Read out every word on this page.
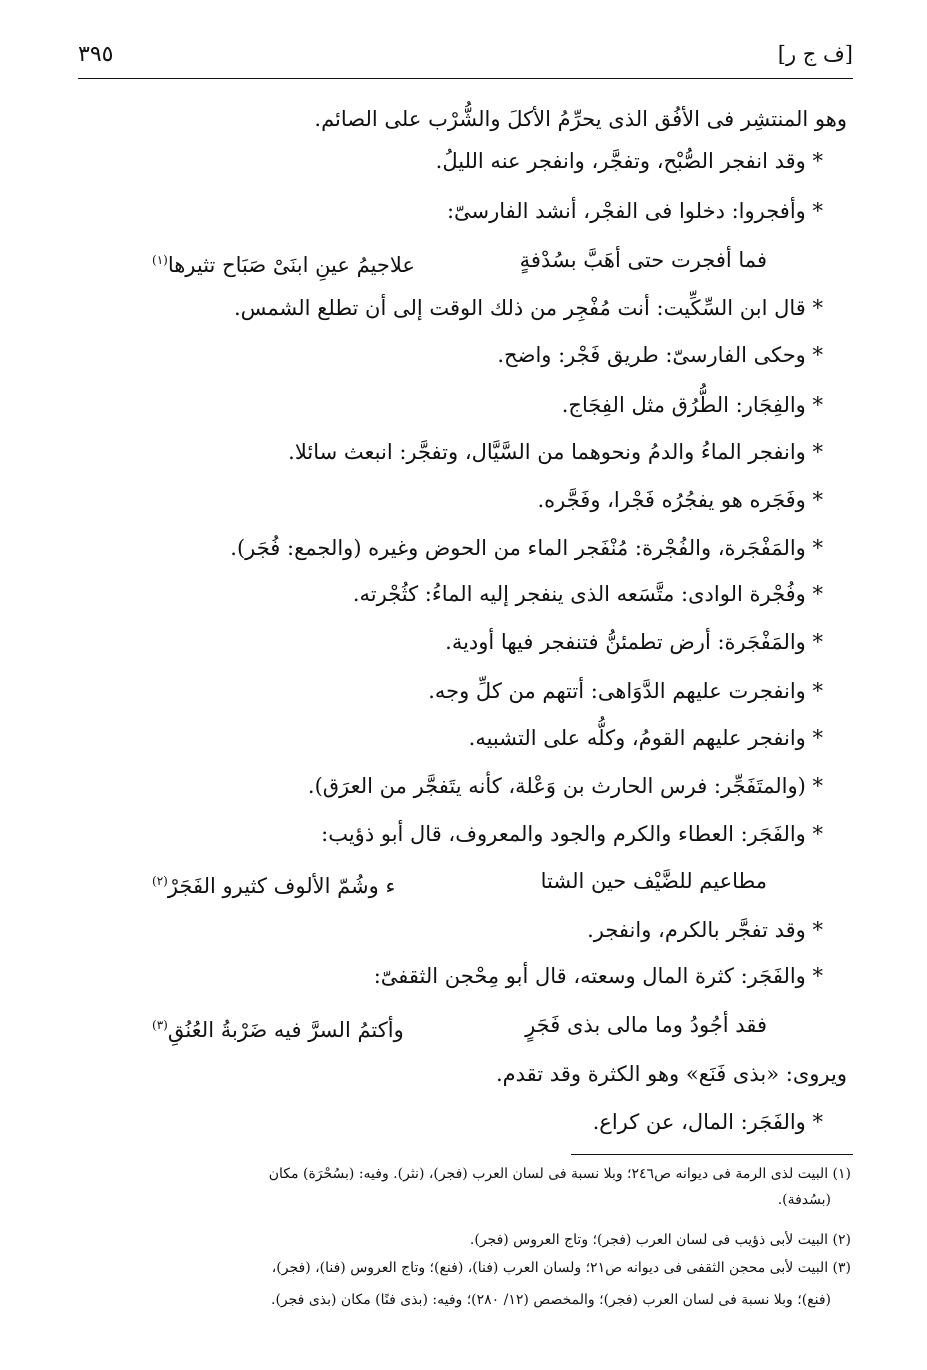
[ف ج ر]
٣٩٥
وهو المنتشِر فى الأفُق الذى يحرِّمُ الأكلَ والشُّرْب على الصائم.
* وقد انفجر الصُّبْح، وتفجَّر، وانفجر عنه الليلُ.
* وأفجروا: دخلوا فى الفجْر، أنشد الفارسىّ:
فما أفجرت حتى أهَبَّ بسُدْفةٍ
علاجيمُ عينِ ابنَىْ صَبَاح تثيرها$^{(١)}$
* قال ابن السِّكِّيت: أنت مُفْجِر من ذلك الوقت إلى أن تطلع الشمس.
* وحكى الفارسىّ: طريق فَجْر: واضح.
* والفِجَار: الطُّرُق مثل الفِجَاج.
* وانفجر الماءُ والدمُ ونحوهما من السَّيَّال، وتفجَّر: انبعث سائلا.
* وفَجَره هو يفجُرُه فَجْرا، وفَجَّره.
* والمَفْجَرة، والفُجْرة: مُنْفَجر الماء من الحوض وغيره (والجمع: فُجَر).
* وفُجْرة الوادى: متَّسَعه الذى ينفجر إليه الماءُ: كثُجْرته.
* والمَفْجَرة: أرض تطمئنُّ فتنفجر فيها أودية.
* وانفجرت عليهم الدَّوَاهى: أتتهم من كلِّ وجه.
* وانفجر عليهم القومُ، وكلُّه على التشبيه.
* (والمتَفَجِّر: فرس الحارث بن وَعْلة، كأنه يتَفجَّر من العرَق).
* والفَجَر: العطاء والكرم والجود والمعروف، قال أبو ذؤيب:
مطاعيم للضَّيْف حين الشتا
ء وشُمّ الألوف كثيرو الفَجَرْ$^{(٢)}$
* وقد تفجَّر بالكرم، وانفجر.
* والفَجَر: كثرة المال وسعته، قال أبو مِحْجن الثقفىّ:
فقد أجُودُ وما مالى بذى فَجَرٍ
وأكتمُ السرَّ فيه ضَرْبةُ العُنُقِ$^{(٣)}$
ويروى: «بذى فَنَع» وهو الكثرة وقد تقدم.
* والفَجَر: المال، عن كراع.
(١) البيت لذى الرمة فى ديوانه ص٢٤٦؛ وبلا نسبة فى لسان العرب (فجر)، (نثر). وفيه: (بسُحْرَة) مكان
(بسُدفة).
(٢) البيت لأبى ذؤيب فى لسان العرب (فجر)؛ وتاج العروس (فجر).
(٣) البيت لأبى محجن الثقفى فى ديوانه ص٢١؛ ولسان العرب (فنا)، (فنع)؛ وتاج العروس (فنا)، (فجر)،
(فنع)؛ وبلا نسبة فى لسان العرب (فجر)؛ والمخصص (١٢/ ٢٨٠)؛ وفيه: (بذى فنًا) مكان (بذى فجر).
